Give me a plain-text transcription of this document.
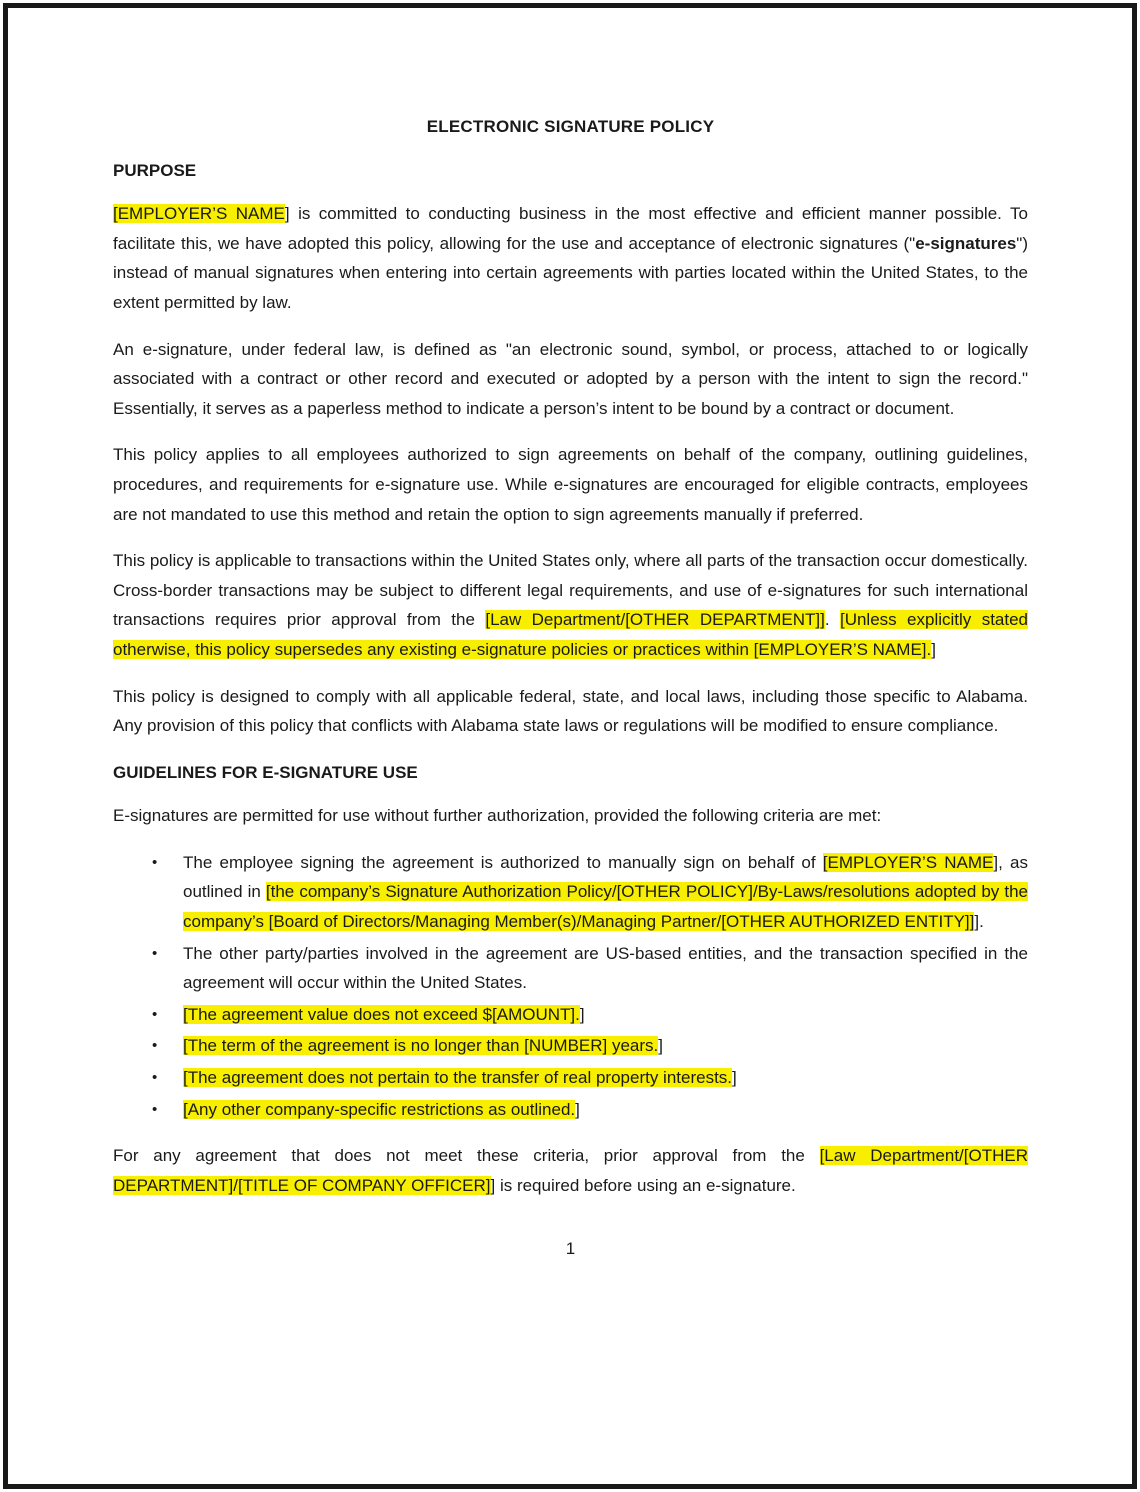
ELECTRONIC SIGNATURE POLICY
PURPOSE

[EMPLOYER’S NAME] is committed to conducting business in the most effective and efficient manner possible. To facilitate this, we have adopted this policy, allowing for the use and acceptance of electronic signatures ("e-signatures") instead of manual signatures when entering into certain agreements with parties located within the United States, to the extent permitted by law.

An e-signature, under federal law, is defined as "an electronic sound, symbol, or process, attached to or logically associated with a contract or other record and executed or adopted by a person with the intent to sign the record." Essentially, it serves as a paperless method to indicate a person’s intent to be bound by a contract or document.

This policy applies to all employees authorized to sign agreements on behalf of the company, outlining guidelines, procedures, and requirements for e-signature use. While e-signatures are encouraged for eligible contracts, employees are not mandated to use this method and retain the option to sign agreements manually if preferred.

This policy is applicable to transactions within the United States only, where all parts of the transaction occur domestically. Cross-border transactions may be subject to different legal requirements, and use of e-signatures for such international transactions requires prior approval from the [Law Department/[OTHER DEPARTMENT]]. [Unless explicitly stated otherwise, this policy supersedes any existing e-signature policies or practices within [EMPLOYER’S NAME].]

This policy is designed to comply with all applicable federal, state, and local laws, including those specific to Alabama. Any provision of this policy that conflicts with Alabama state laws or regulations will be modified to ensure compliance.

GUIDELINES FOR E-SIGNATURE USE

E-signatures are permitted for use without further authorization, provided the following criteria are met:

• The employee signing the agreement is authorized to manually sign on behalf of [EMPLOYER’S NAME], as outlined in [the company’s Signature Authorization Policy/[OTHER POLICY]/By-Laws/resolutions adopted by the company’s [Board of Directors/Managing Member(s)/Managing Partner/[OTHER AUTHORIZED ENTITY]]].
• The other party/parties involved in the agreement are US-based entities, and the transaction specified in the agreement will occur within the United States.
• [The agreement value does not exceed $[AMOUNT].]
• [The term of the agreement is no longer than [NUMBER] years.]
• [The agreement does not pertain to the transfer of real property interests.]
• [Any other company-specific restrictions as outlined.]

For any agreement that does not meet these criteria, prior approval from the [Law Department/[OTHER DEPARTMENT]/[TITLE OF COMPANY OFFICER]] is required before using an e-signature.

1
